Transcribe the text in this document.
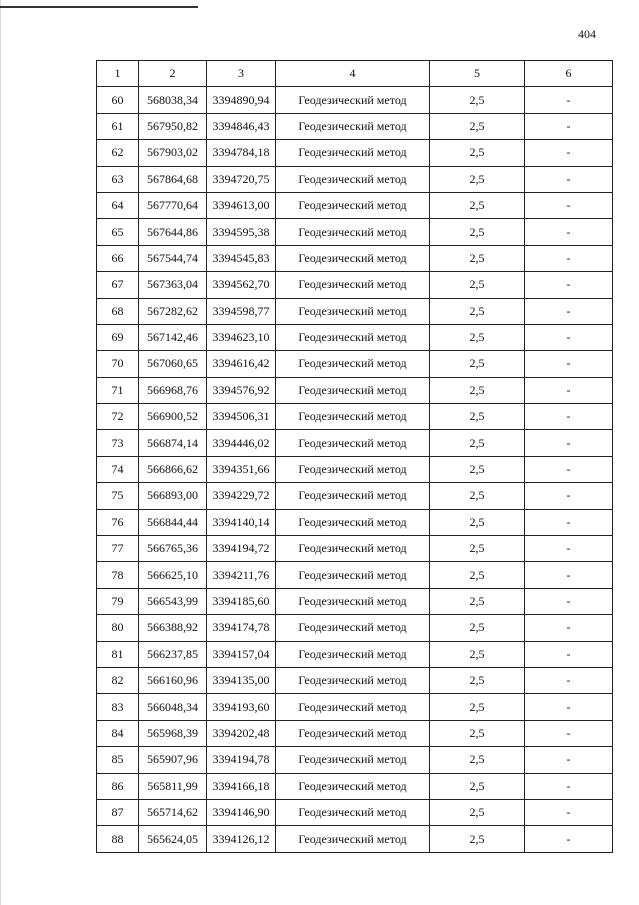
404
1	2	3	4	5	6
60	568038,34	3394890,94	Геодезический метод	2,5	-
61	567950,82	3394846,43	Геодезический метод	2,5	-
62	567903,02	3394784,18	Геодезический метод	2,5	-
63	567864,68	3394720,75	Геодезический метод	2,5	-
64	567770,64	3394613,00	Геодезический метод	2,5	-
65	567644,86	3394595,38	Геодезический метод	2,5	-
66	567544,74	3394545,83	Геодезический метод	2,5	-
67	567363,04	3394562,70	Геодезический метод	2,5	-
68	567282,62	3394598,77	Геодезический метод	2,5	-
69	567142,46	3394623,10	Геодезический метод	2,5	-
70	567060,65	3394616,42	Геодезический метод	2,5	-
71	566968,76	3394576,92	Геодезический метод	2,5	-
72	566900,52	3394506,31	Геодезический метод	2,5	-
73	566874,14	3394446,02	Геодезический метод	2,5	-
74	566866,62	3394351,66	Геодезический метод	2,5	-
75	566893,00	3394229,72	Геодезический метод	2,5	-
76	566844,44	3394140,14	Геодезический метод	2,5	-
77	566765,36	3394194,72	Геодезический метод	2,5	-
78	566625,10	3394211,76	Геодезический метод	2,5	-
79	566543,99	3394185,60	Геодезический метод	2,5	-
80	566388,92	3394174,78	Геодезический метод	2,5	-
81	566237,85	3394157,04	Геодезический метод	2,5	-
82	566160,96	3394135,00	Геодезический метод	2,5	-
83	566048,34	3394193,60	Геодезический метод	2,5	-
84	565968,39	3394202,48	Геодезический метод	2,5	-
85	565907,96	3394194,78	Геодезический метод	2,5	-
86	565811,99	3394166,18	Геодезический метод	2,5	-
87	565714,62	3394146,90	Геодезический метод	2,5	-
88	565624,05	3394126,12	Геодезический метод	2,5	-
